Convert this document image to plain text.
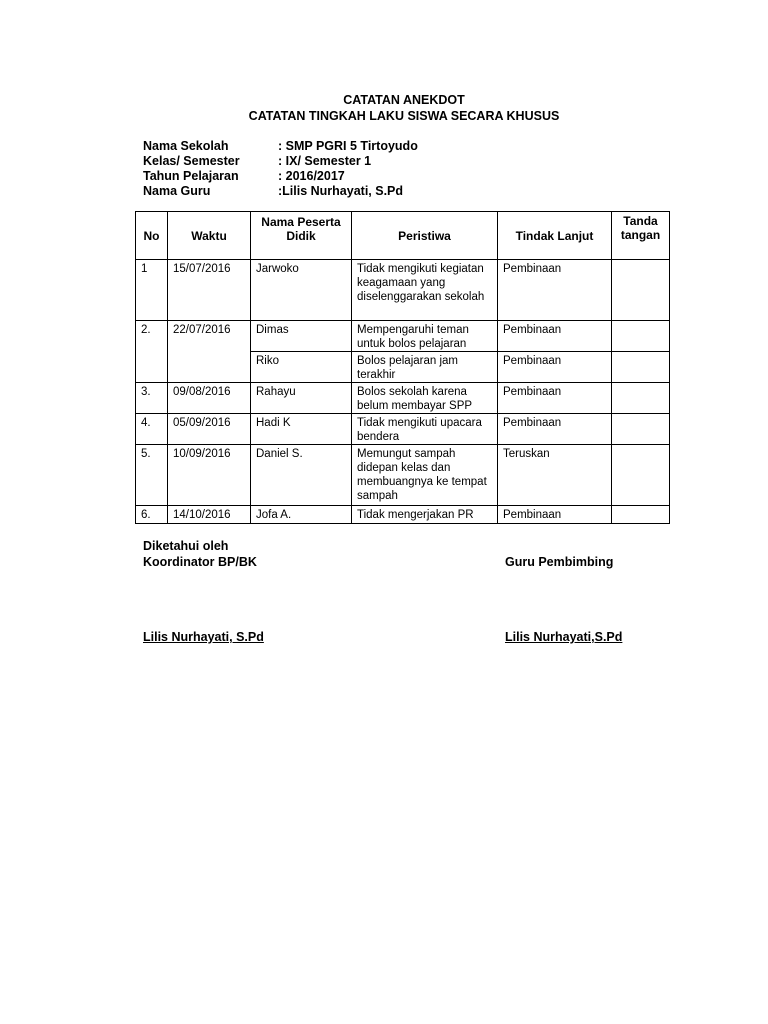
CATATAN ANEKDOT
CATATAN TINGKAH LAKU SISWA SECARA KHUSUS
Nama Sekolah	: SMP PGRI 5 Tirtoyudo
Kelas/ Semester	: IX/ Semester 1
Tahun Pelajaran	: 2016/2017
Nama Guru	:Lilis Nurhayati, S.Pd
No	Waktu	Nama Peserta Didik	Peristiwa	Tindak Lanjut	Tanda tangan
1	15/07/2016	Jarwoko	Tidak mengikuti kegiatan keagamaan yang diselenggarakan sekolah	Pembinaan	
2.	22/07/2016	Dimas	Mempengaruhi teman untuk bolos pelajaran	Pembinaan	
		Riko	Bolos pelajaran jam terakhir	Pembinaan	
3.	09/08/2016	Rahayu	Bolos sekolah karena belum membayar SPP	Pembinaan	
4.	05/09/2016	Hadi K	Tidak mengikuti upacara bendera	Pembinaan	
5.	10/09/2016	Daniel S.	Memungut sampah didepan kelas dan membuangnya ke tempat sampah	Teruskan	
6.	14/10/2016	Jofa A.	Tidak mengerjakan PR	Pembinaan	
Diketahui oleh
Koordinator BP/BK	Guru Pembimbing
Lilis Nurhayati, S.Pd	Lilis Nurhayati,S.Pd
